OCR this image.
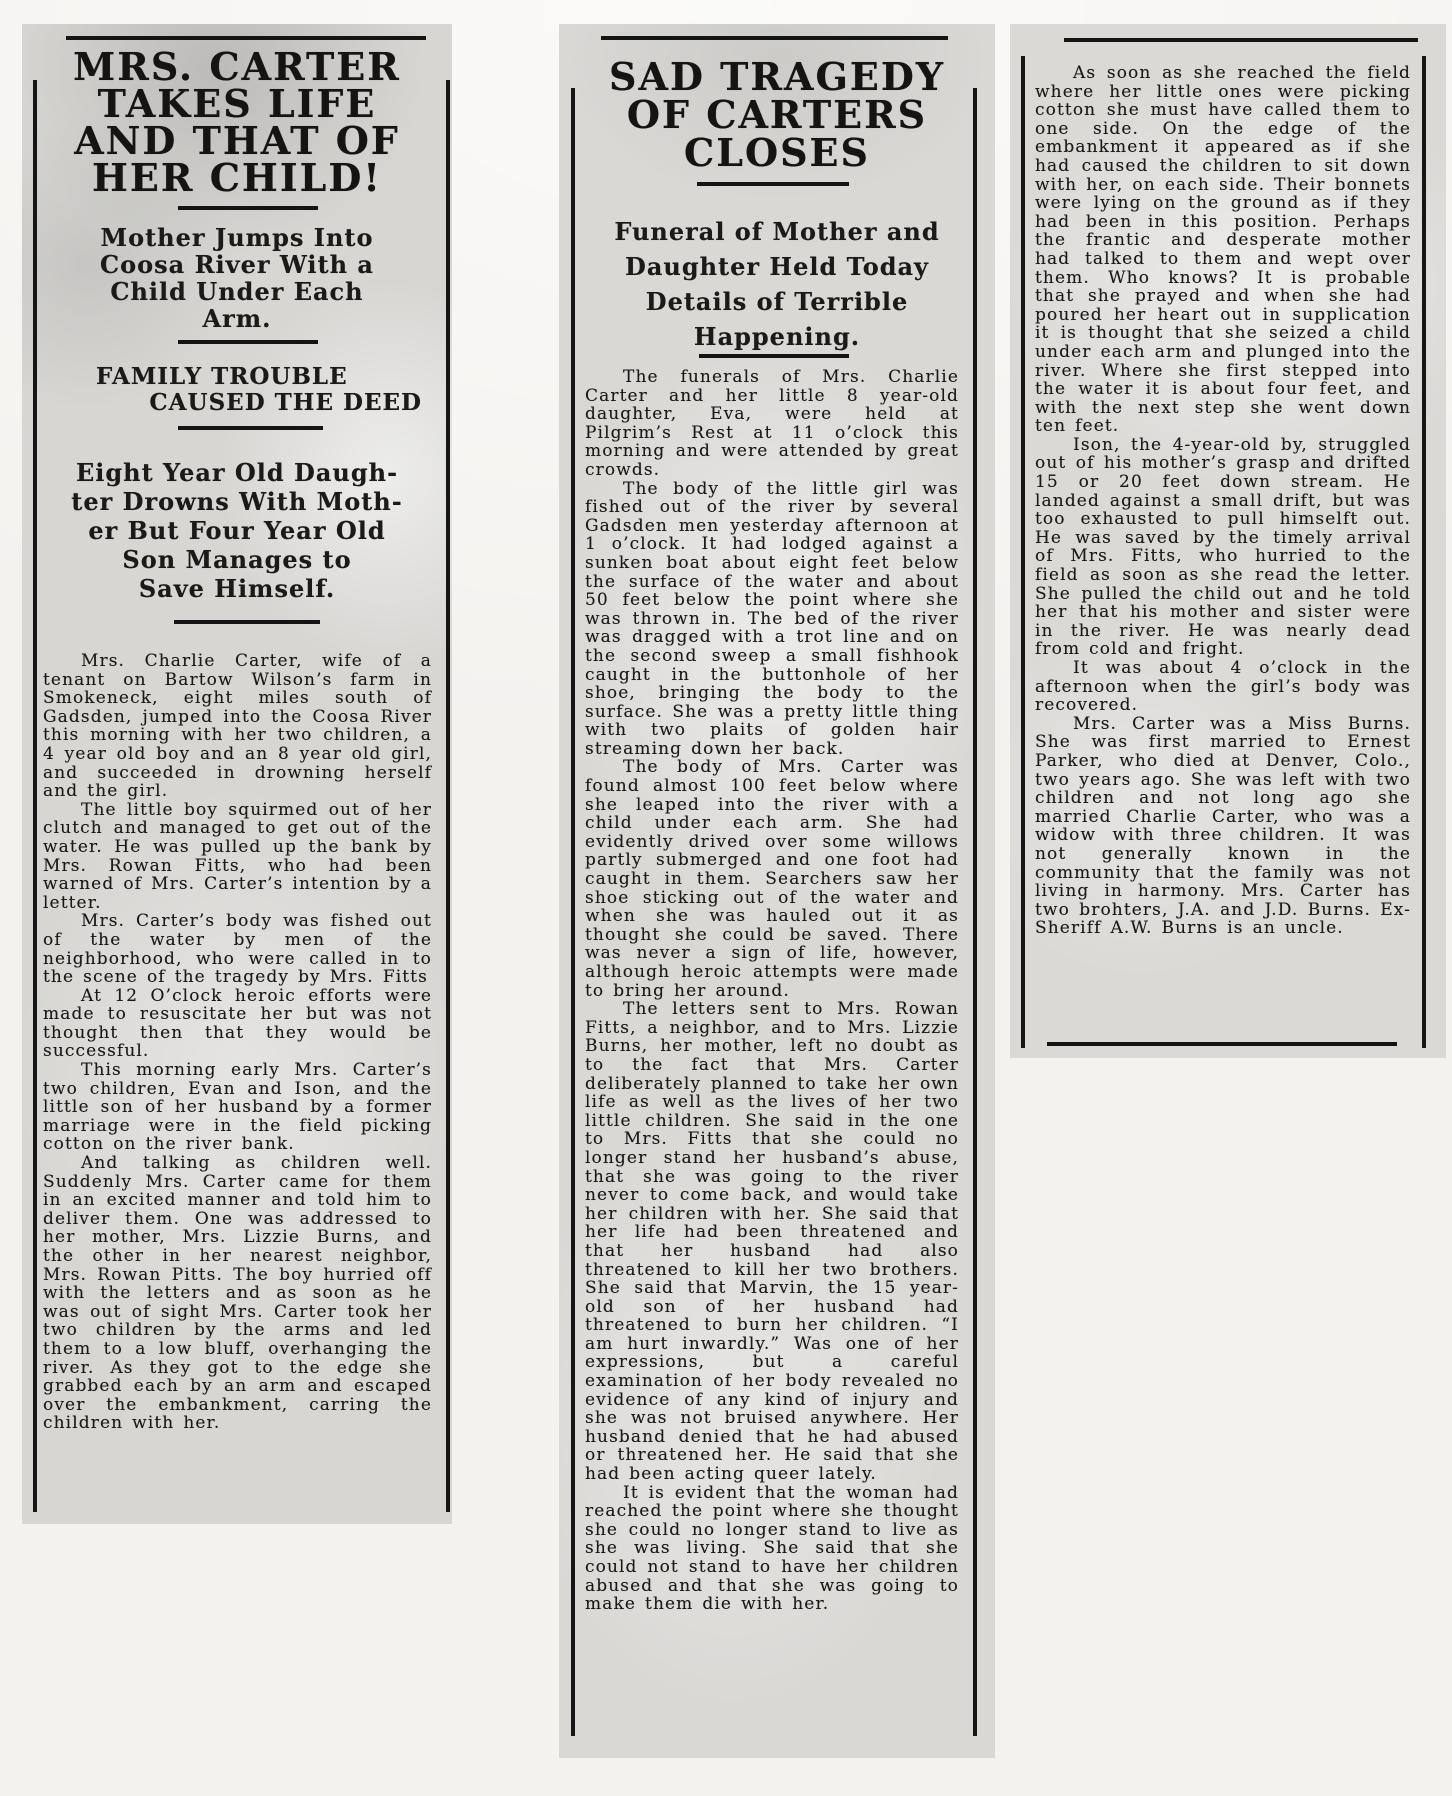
MRS. CARTER
TAKES LIFE
AND THAT OF
HER CHILD!
Mother Jumps Into
Coosa River With a
Child Under Each
Arm.
FAMILY TROUBLE
CAUSED THE DEED
Eight Year Old Daugh-
ter Drowns With Moth-
er But Four Year Old
Son Manages to
Save Himself.

Mrs. Charlie Carter, wife of a tenant on Bartow Wilson’s farm in Smokeneck, eight miles south of Gadsden, jumped into the Coosa River this morning with her two children, a 4 year old boy and an 8 year old girl, and succeeded in drowning herself and the girl.

The little boy squirmed out of her clutch and managed to get out of the water. He was pulled up the bank by Mrs. Rowan Fitts, who had been warned of Mrs. Carter’s intention by a letter.

Mrs. Carter’s body was fished out of the water by men of the neighborhood, who were called in to the scene of the tragedy by Mrs. Fitts

At 12 O’clock heroic efforts were made to resuscitate her but was not thought then that they would be successful.

This morning early Mrs. Carter’s two children, Evan and Ison, and the little son of her husband by a former marriage were in the field picking cotton on the river bank.

And talking as children well. Suddenly Mrs. Carter came for them in an excited manner and told him to deliver them. One was addressed to her mother, Mrs. Lizzie Burns, and the other in her nearest neighbor, Mrs. Rowan Pitts. The boy hurried off with the letters and as soon as he was out of sight Mrs. Carter took her two children by the arms and led them to a low bluff, overhanging the river. As they got to the edge she grabbed each by an arm and escaped over the embankment, carring the children with her.

SAD TRAGEDY
OF CARTERS
CLOSES
Funeral of Mother and
Daughter Held Today
Details of Terrible
Happening.

The funerals of Mrs. Charlie Carter and her little 8 year-old daughter, Eva, were held at Pilgrim’s Rest at 11 o’clock this morning and were attended by great crowds.

The body of the little girl was fished out of the river by several Gadsden men yesterday afternoon at 1 o’clock. It had lodged against a sunken boat about eight feet below the surface of the water and about 50 feet below the point where she was thrown in. The bed of the river was dragged with a trot line and on the second sweep a small fishhook caught in the buttonhole of her shoe, bringing the body to the surface. She was a pretty little thing with two plaits of golden hair streaming down her back.

The body of Mrs. Carter was found almost 100 feet below where she leaped into the river with a child under each arm. She had evidently drived over some willows partly submerged and one foot had caught in them. Searchers saw her shoe sticking out of the water and when she was hauled out it as thought she could be saved. There was never a sign of life, however, although heroic attempts were made to bring her around.

The letters sent to Mrs. Rowan Fitts, a neighbor, and to Mrs. Lizzie Burns, her mother, left no doubt as to the fact that Mrs. Carter deliberately planned to take her own life as well as the lives of her two little children. She said in the one to Mrs. Fitts that she could no longer stand her husband’s abuse, that she was going to the river never to come back, and would take her children with her. She said that her life had been threatened and that her husband had also threatened to kill her two brothers. She said that Marvin, the 15 year-old son of her husband had threatened to burn her children. “I am hurt inwardly.” Was one of her expressions, but a careful examination of her body revealed no evidence of any kind of injury and she was not bruised anywhere. Her husband denied that he had abused or threatened her. He said that she had been acting queer lately.

It is evident that the woman had reached the point where she thought she could no longer stand to live as she was living. She said that she could not stand to have her children abused and that she was going to make them die with her.

As soon as she reached the field where her little ones were picking cotton she must have called them to one side. On the edge of the embankment it appeared as if she had caused the children to sit down with her, on each side. Their bonnets were lying on the ground as if they had been in this position. Perhaps the frantic and desperate mother had talked to them and wept over them. Who knows? It is probable that she prayed and when she had poured her heart out in supplication it is thought that she seized a child under each arm and plunged into the river. Where she first stepped into the water it is about four feet, and with the next step she went down ten feet.

Ison, the 4-year-old by, struggled out of his mother’s grasp and drifted 15 or 20 feet down stream. He landed against a small drift, but was too exhausted to pull himselft out. He was saved by the timely arrival of Mrs. Fitts, who hurried to the field as soon as she read the letter. She pulled the child out and he told her that his mother and sister were in the river. He was nearly dead from cold and fright.

It was about 4 o’clock in the afternoon when the girl’s body was recovered.

Mrs. Carter was a Miss Burns. She was first married to Ernest Parker, who died at Denver, Colo., two years ago. She was left with two children and not long ago she married Charlie Carter, who was a widow with three children. It was not generally known in the community that the family was not living in harmony. Mrs. Carter has two brohters, J.A. and J.D. Burns. Ex-Sheriff A.W. Burns is an uncle.
